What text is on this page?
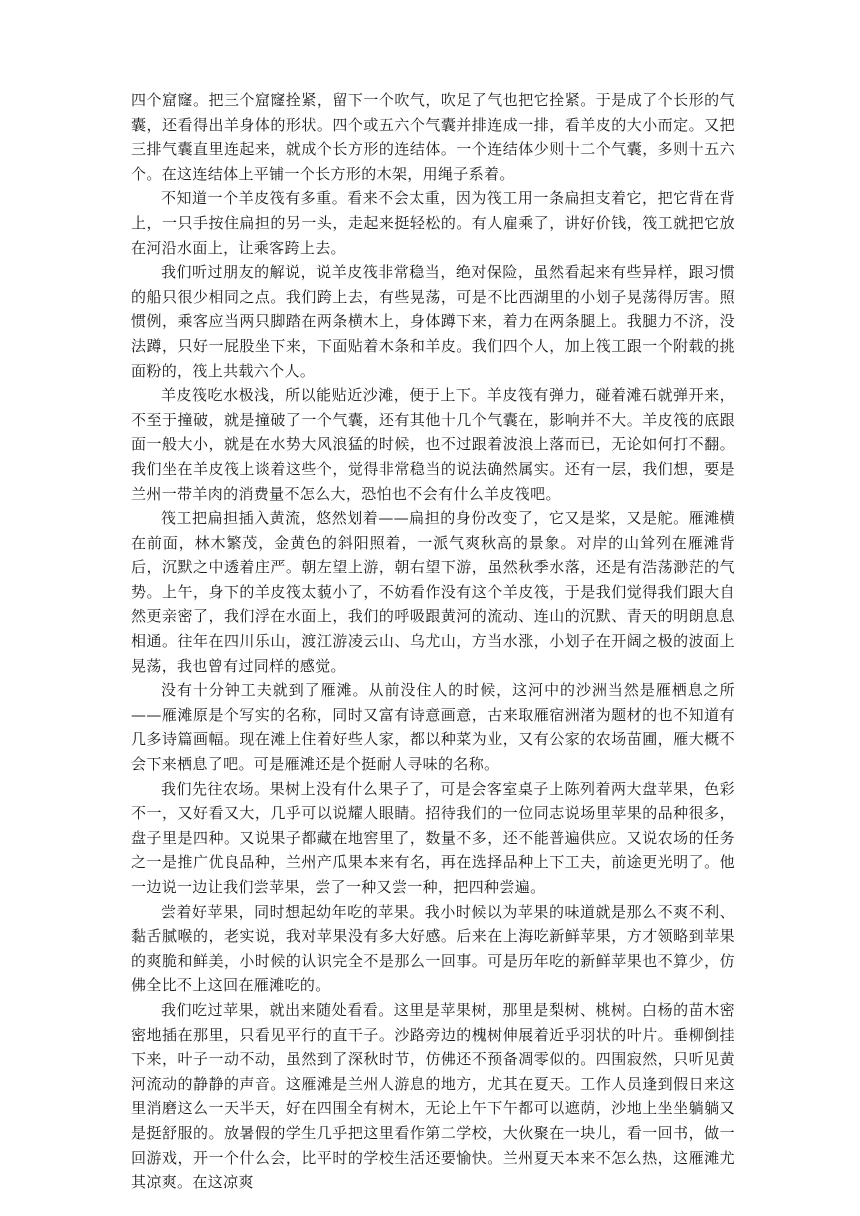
四个窟窿。把三个窟窿拴紧，留下一个吹气，吹足了气也把它拴紧。于是成了个长形的气囊，还看得出羊身体的形状。四个或五六个气囊并排连成一排，看羊皮的大小而定。又把三排气囊直里连起来，就成个长方形的连结体。一个连结体少则十二个气囊，多则十五六个。在这连结体上平铺一个长方形的木架，用绳子系着。

不知道一个羊皮筏有多重。看来不会太重，因为筏工用一条扁担支着它，把它背在背上，一只手按住扁担的另一头，走起来挺轻松的。有人雇乘了，讲好价钱，筏工就把它放在河沿水面上，让乘客跨上去。

我们听过朋友的解说，说羊皮筏非常稳当，绝对保险，虽然看起来有些异样，跟习惯的船只很少相同之点。我们跨上去，有些晃荡，可是不比西湖里的小划子晃荡得厉害。照惯例，乘客应当两只脚踏在两条横木上，身体蹲下来，着力在两条腿上。我腿力不济，没法蹲，只好一屁股坐下来，下面贴着木条和羊皮。我们四个人，加上筏工跟一个附载的挑面粉的，筏上共载六个人。

羊皮筏吃水极浅，所以能贴近沙滩，便于上下。羊皮筏有弹力，碰着滩石就弹开来，不至于撞破，就是撞破了一个气囊，还有其他十几个气囊在，影响并不大。羊皮筏的底跟面一般大小，就是在水势大风浪猛的时候，也不过跟着波浪上落而已，无论如何打不翻。我们坐在羊皮筏上谈着这些个，觉得非常稳当的说法确然属实。还有一层，我们想，要是兰州一带羊肉的消费量不怎么大，恐怕也不会有什么羊皮筏吧。

筏工把扁担插入黄流，悠然划着——扁担的身份改变了，它又是桨，又是舵。雁滩横在前面，林木繁茂，金黄色的斜阳照着，一派气爽秋高的景象。对岸的山耸列在雁滩背后，沉默之中透着庄严。朝左望上游，朝右望下游，虽然秋季水落，还是有浩荡渺茫的气势。上午，身下的羊皮筏太藐小了，不妨看作没有这个羊皮筏，于是我们觉得我们跟大自然更亲密了，我们浮在水面上，我们的呼吸跟黄河的流动、连山的沉默、青天的明朗息息相通。往年在四川乐山，渡江游凌云山、乌尤山，方当水涨，小划子在开阔之极的波面上晃荡，我也曾有过同样的感觉。

没有十分钟工夫就到了雁滩。从前没住人的时候，这河中的沙洲当然是雁栖息之所——雁滩原是个写实的名称，同时又富有诗意画意，古来取雁宿洲渚为题材的也不知道有几多诗篇画幅。现在滩上住着好些人家，都以种菜为业，又有公家的农场苗圃，雁大概不会下来栖息了吧。可是雁滩还是个挺耐人寻味的名称。

我们先往农场。果树上没有什么果子了，可是会客室桌子上陈列着两大盘苹果，色彩不一，又好看又大，几乎可以说耀人眼睛。招待我们的一位同志说场里苹果的品种很多，盘子里是四种。又说果子都藏在地窖里了，数量不多，还不能普遍供应。又说农场的任务之一是推广优良品种，兰州产瓜果本来有名，再在选择品种上下工夫，前途更光明了。他一边说一边让我们尝苹果，尝了一种又尝一种，把四种尝遍。

尝着好苹果，同时想起幼年吃的苹果。我小时候以为苹果的味道就是那么不爽不利、黏舌腻喉的，老实说，我对苹果没有多大好感。后来在上海吃新鲜苹果，方才领略到苹果的爽脆和鲜美，小时候的认识完全不是那么一回事。可是历年吃的新鲜苹果也不算少，仿佛全比不上这回在雁滩吃的。

我们吃过苹果，就出来随处看看。这里是苹果树，那里是梨树、桃树。白杨的苗木密密地插在那里，只看见平行的直干子。沙路旁边的槐树伸展着近乎羽状的叶片。垂柳倒挂下来，叶子一动不动，虽然到了深秋时节，仿佛还不预备凋零似的。四围寂然，只听见黄河流动的静静的声音。这雁滩是兰州人游息的地方，尤其在夏天。工作人员逢到假日来这里消磨这么一天半天，好在四围全有树木，无论上午下午都可以遮荫，沙地上坐坐躺躺又是挺舒服的。放暑假的学生几乎把这里看作第二学校，大伙聚在一块儿，看一回书，做一回游戏，开一个什么会，比平时的学校生活还要愉快。兰州夏天本来不怎么热，这雁滩尤其凉爽。在这凉爽
